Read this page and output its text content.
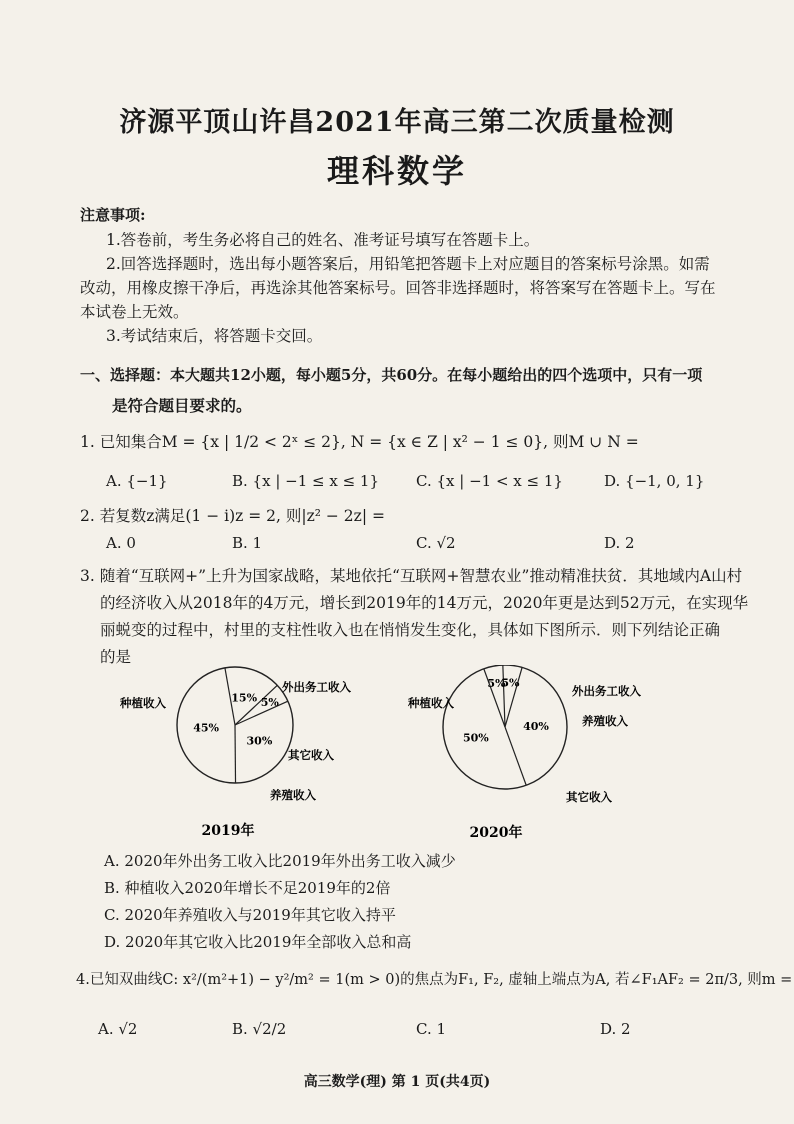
济源平顶山许昌2021年高三第二次质量检测
理科数学
注意事项:
1.答卷前，考生务必将自己的姓名、准考证号填写在答题卡上。
2.回答选择题时，选出每小题答案后，用铅笔把答题卡上对应题目的答案标号涂黑。如需
改动，用橡皮擦干净后，再选涂其他答案标号。回答非选择题时，将答案写在答题卡上。写在
本试卷上无效。
3.考试结束后，将答题卡交回。
一、选择题：本大题共12小题，每小题5分，共60分。在每小题给出的四个选项中，只有一项
是符合题目要求的。
1. 已知集合M = {x | 1/2 < 2ˣ ≤ 2}, N = {x ∈ Z | x² − 1 ≤ 0}, 则M ∪ N =
A. {−1}	B. {x | −1 ≤ x ≤ 1} C. {x | −1 < x ≤ 1}	D. {−1, 0, 1}
2. 若复数z满足(1 − i)z = 2, 则|z² − 2z| =
A. 0	B. 1	C. √2	D. 2
3. 随着“互联网+”上升为国家战略，某地依托“互联网+智慧农业”推动精准扶贫．其地域内A山村
的经济收入从2018年的4万元，增长到2019年的14万元，2020年更是达到52万元，在实现华
丽蜕变的过程中，村里的支柱性收入也在悄悄发生变化，具体如下图所示．则下列结论正确
的是
15% 5%
30%
45%
种植收入
外出务工收入
其它收入
养殖收入
2019年
5%
5%
40%
50%
种植收入
外出务工收入
养殖收入
其它收入
2020年
A. 2020年外出务工收入比2019年外出务工收入减少
B. 种植收入2020年增长不足2019年的2倍
C. 2020年养殖收入与2019年其它收入持平
D. 2020年其它收入比2019年全部收入总和高
4.已知双曲线C: x²/(m²+1) − y²/m² = 1(m > 0)的焦点为F₁, F₂, 虚轴上端点为A, 若∠F₁AF₂ = 2π/3, 则m =
A. √2	B. √2/2	C. 1	D. 2
高三数学(理) 第 1 页(共4页)
